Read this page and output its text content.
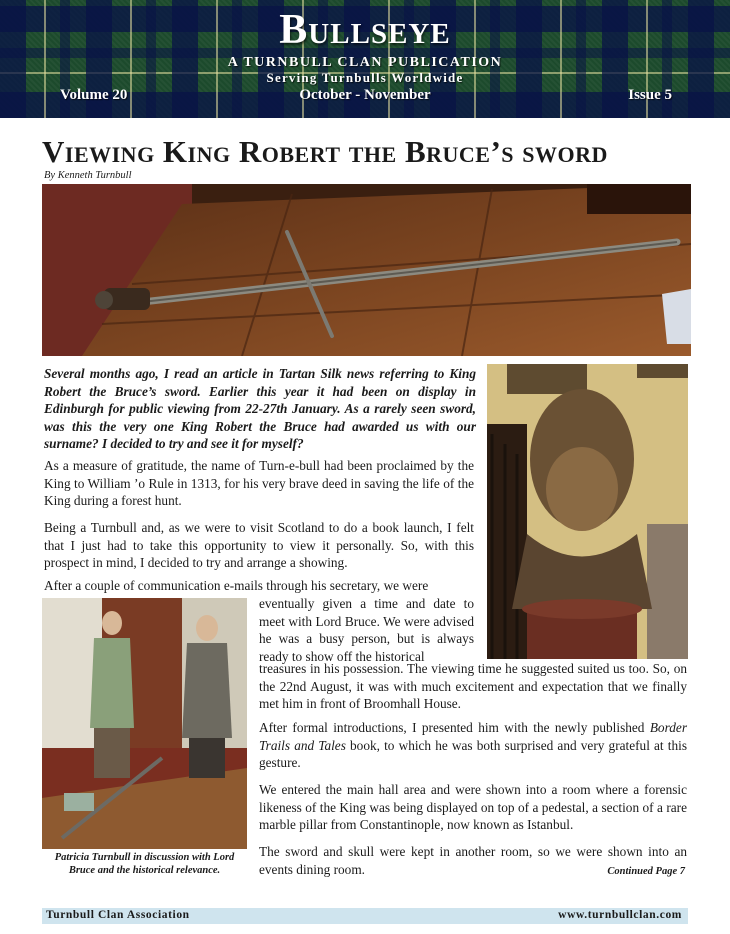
Bullseye
A TURNBULL CLAN PUBLICATION
Serving Turnbulls Worldwide
Volume 20	October - November	Issue 5
Viewing King Robert the Bruce’s sword
By Kenneth Turnbull
Patricia Turnbull in discussion with Lord Bruce and the historical relevance.

Several months ago, I read an article in Tartan Silk news referring to King Robert the Bruce’s sword. Earlier this year it had been on display in Edinburgh for public viewing from 22-27th January. As a rarely seen sword, was this the very one King Robert the Bruce had awarded us with our surname? I decided to try and see it for myself?

As a measure of gratitude, the name of Turn-e-bull had been proclaimed by the King to William ’o Rule in 1313, for his very brave deed in saving the life of the King during a forest hunt.

Being a Turnbull and, as we were to visit Scotland to do a book launch, I felt that I just had to take this opportunity to view it personally. So, with this prospect in mind, I decided to try and arrange a showing.

After a couple of communication e-mails through his secretary, we were

eventually given a time and date to meet with Lord Bruce. We were advised he was a busy person, but is always ready to show off the historical

treasures in his possession. The viewing time he suggested suited us too. So, on the 22nd August, it was with much excitement and expectation that we finally met him in front of Broomhall House.

After formal introductions, I presented him with the newly published Border Trails and Tales book, to which he was both surprised and very grateful at this gesture.

We entered the main hall area and were shown into a room where a forensic likeness of the King was being displayed on top of a pedestal, a section of a rare marble pillar from Constantinople, now known as Istanbul.

The sword and skull were kept in another room, so we were shown into an events dining room.	Continued Page 7
Turnbull Clan Association	www.turnbullclan.com
